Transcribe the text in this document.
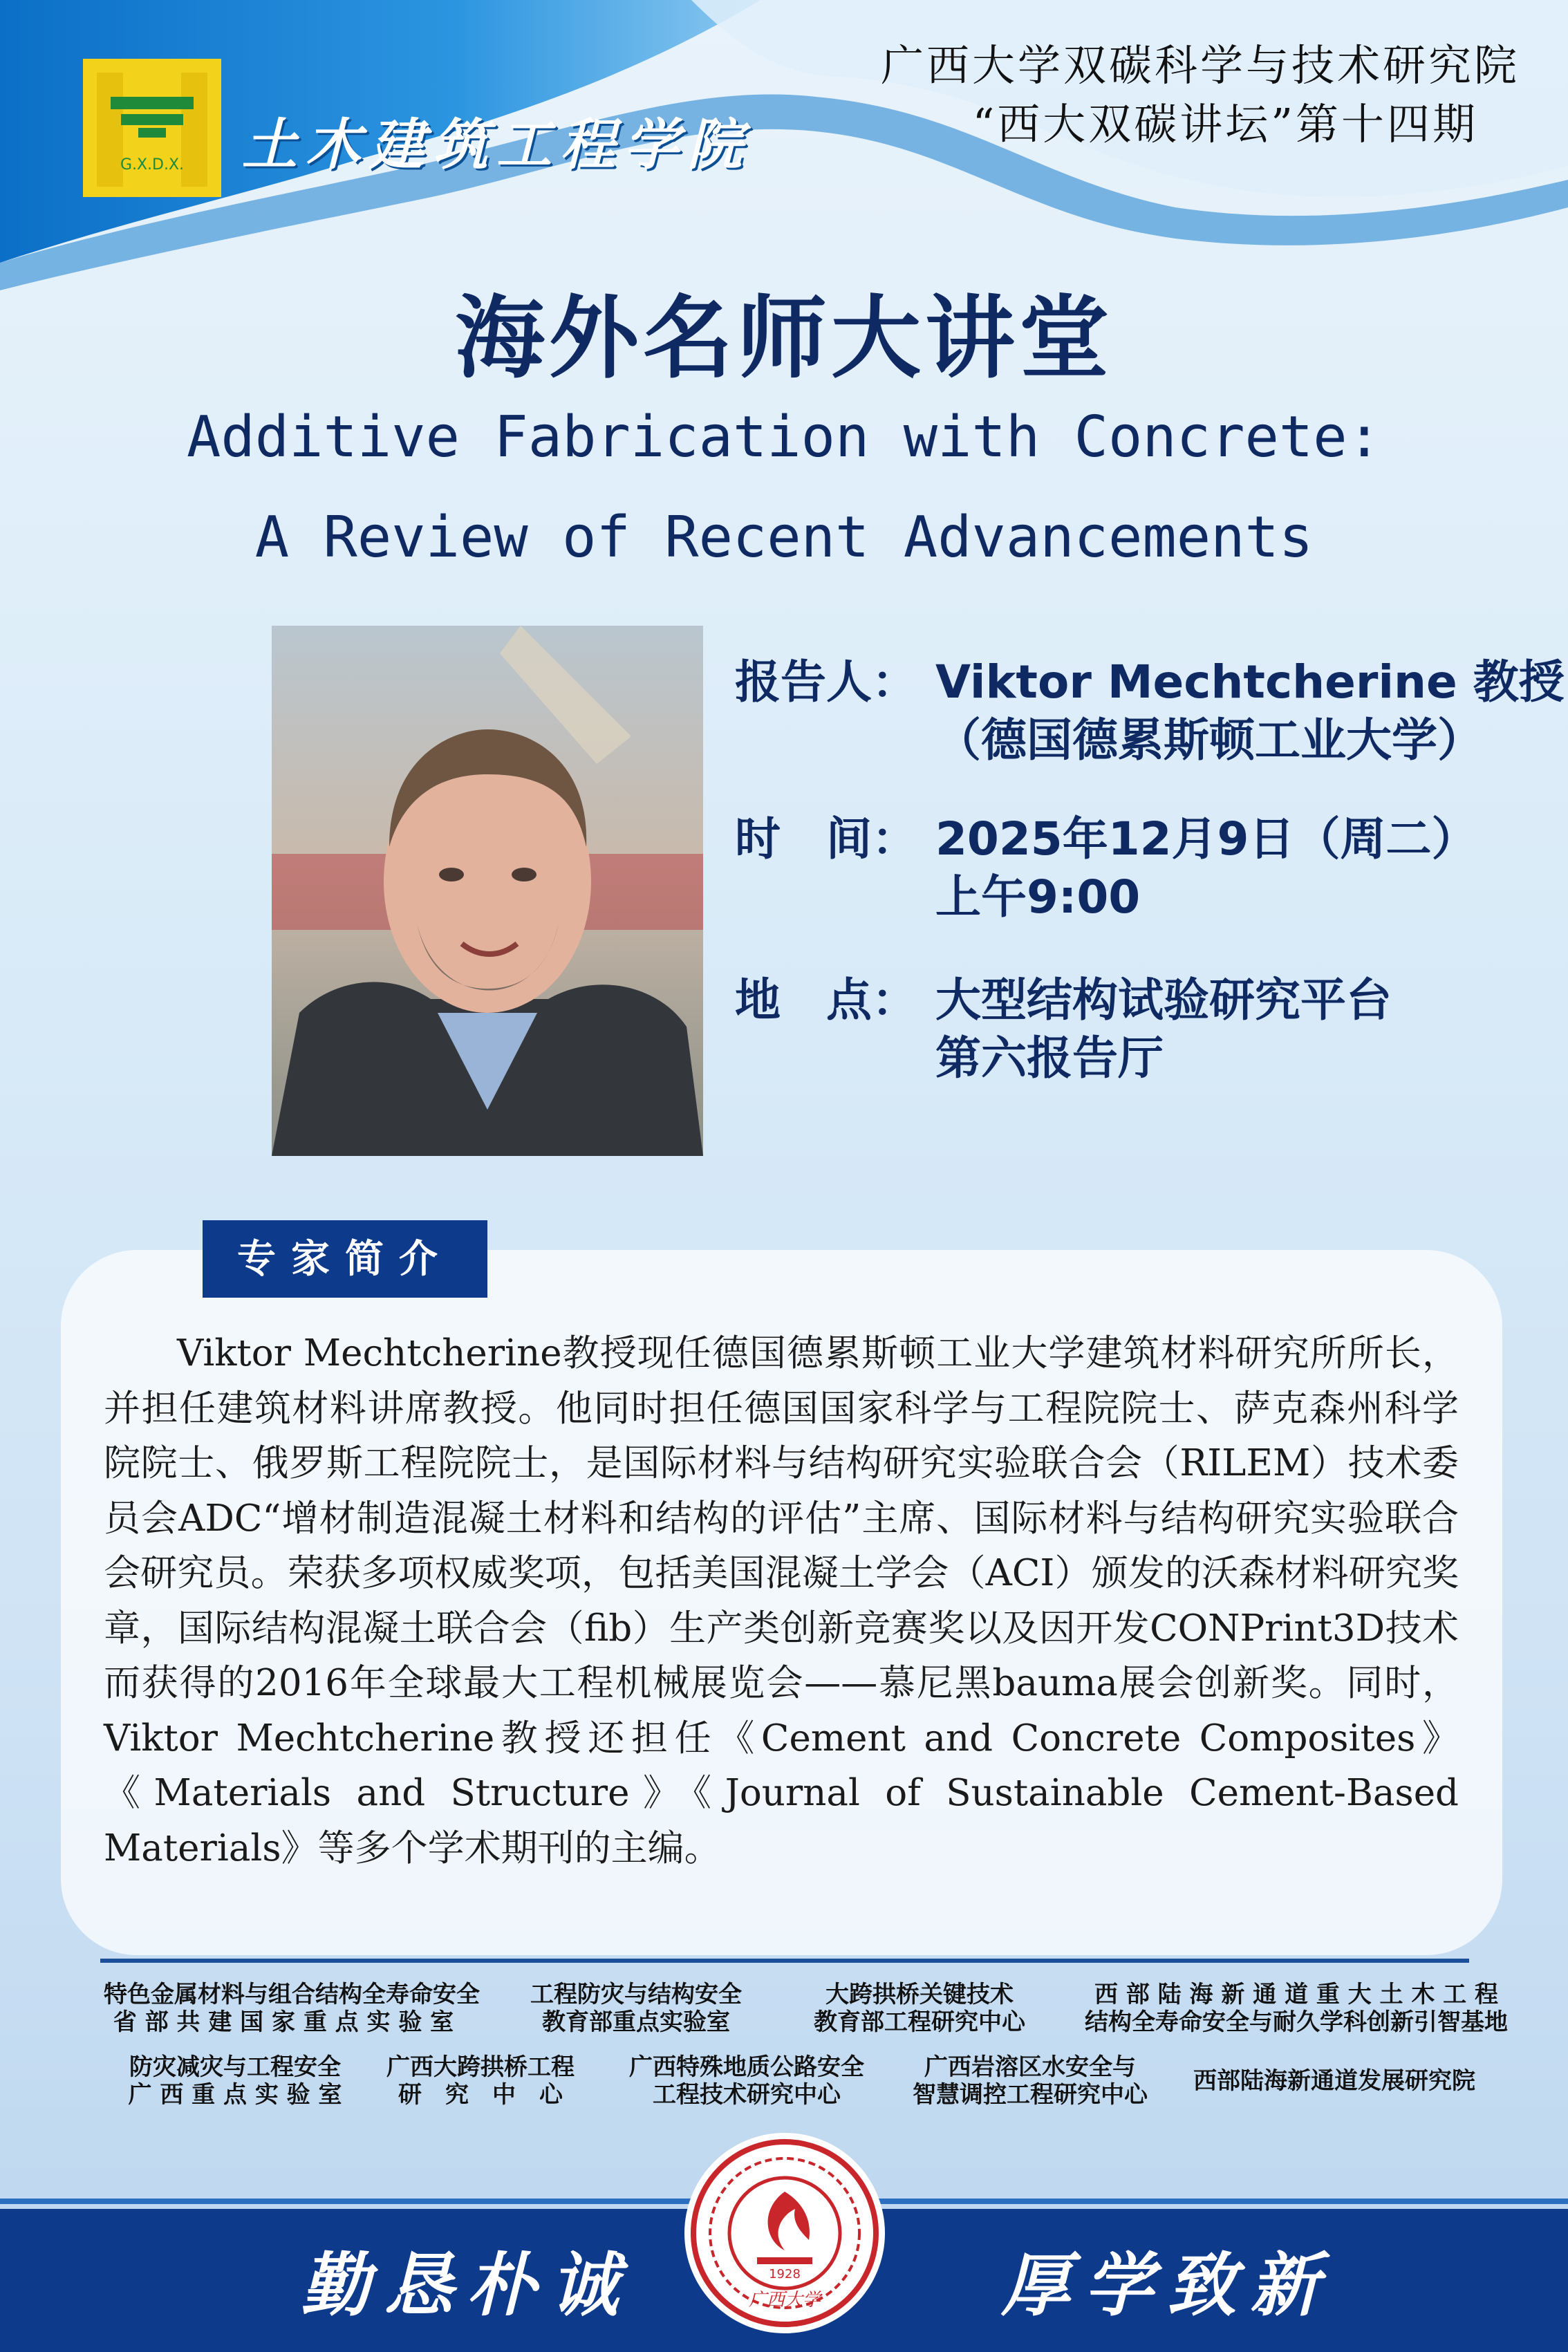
G.X.D.X. 土木建筑工程学院
广西大学双碳科学与技术研究院
“西大双碳讲坛”第十四期
海外名师大讲堂
Additive Fabrication with Concrete:
A Review of Recent Advancements
报告人： Viktor Mechtcherine 教授
（德国德累斯顿工业大学）
时　间： 2025年12月9日（周二）
上午9:00
地　点： 大型结构试验研究平台
第六报告厅
专家简介

Viktor Mechtcherine教授现任德国德累斯顿工业大学建筑材料研究所所长，并担任建筑材料讲席教授。他同时担任德国国家科学与工程院院士、萨克森州科学院院士、俄罗斯工程院院士，是国际材料与结构研究实验联合会（RILEM）技术委员会ADC“增材制造混凝土材料和结构的评估”主席、国际材料与结构研究实验联合会研究员。荣获多项权威奖项，包括美国混凝土学会（ACI）颁发的沃森材料研究奖章，国际结构混凝土联合会（fib）生产类创新竞赛奖以及因开发CONPrint3D技术而获得的2016年全球最大工程机械展览会——慕尼黑bauma展会创新奖。同时，Viktor Mechtcherine教授还担任《Cement and Concrete Composites》《Materials and Structure》《Journal of Sustainable Cement-Based Materials》等多个学术期刊的主编。

特色金属材料与组合结构全寿命安全
省 部 共 建 国 家 重 点 实 验 室
工程防灾与结构安全
教育部重点实验室
大跨拱桥关键技术
教育部工程研究中心
西 部 陆 海 新 通 道 重 大 土 木 工 程
结构全寿命安全与耐久学科创新引智基地
防灾减灾与工程安全
广 西 重 点 实 验 室
广西大跨拱桥工程
研　究　中　心
广西特殊地质公路安全
工程技术研究中心
广西岩溶区水安全与
智慧调控工程研究中心	西部陆海新通道发展研究院
勤恳朴诚	厚学致新
1928
广西大学
